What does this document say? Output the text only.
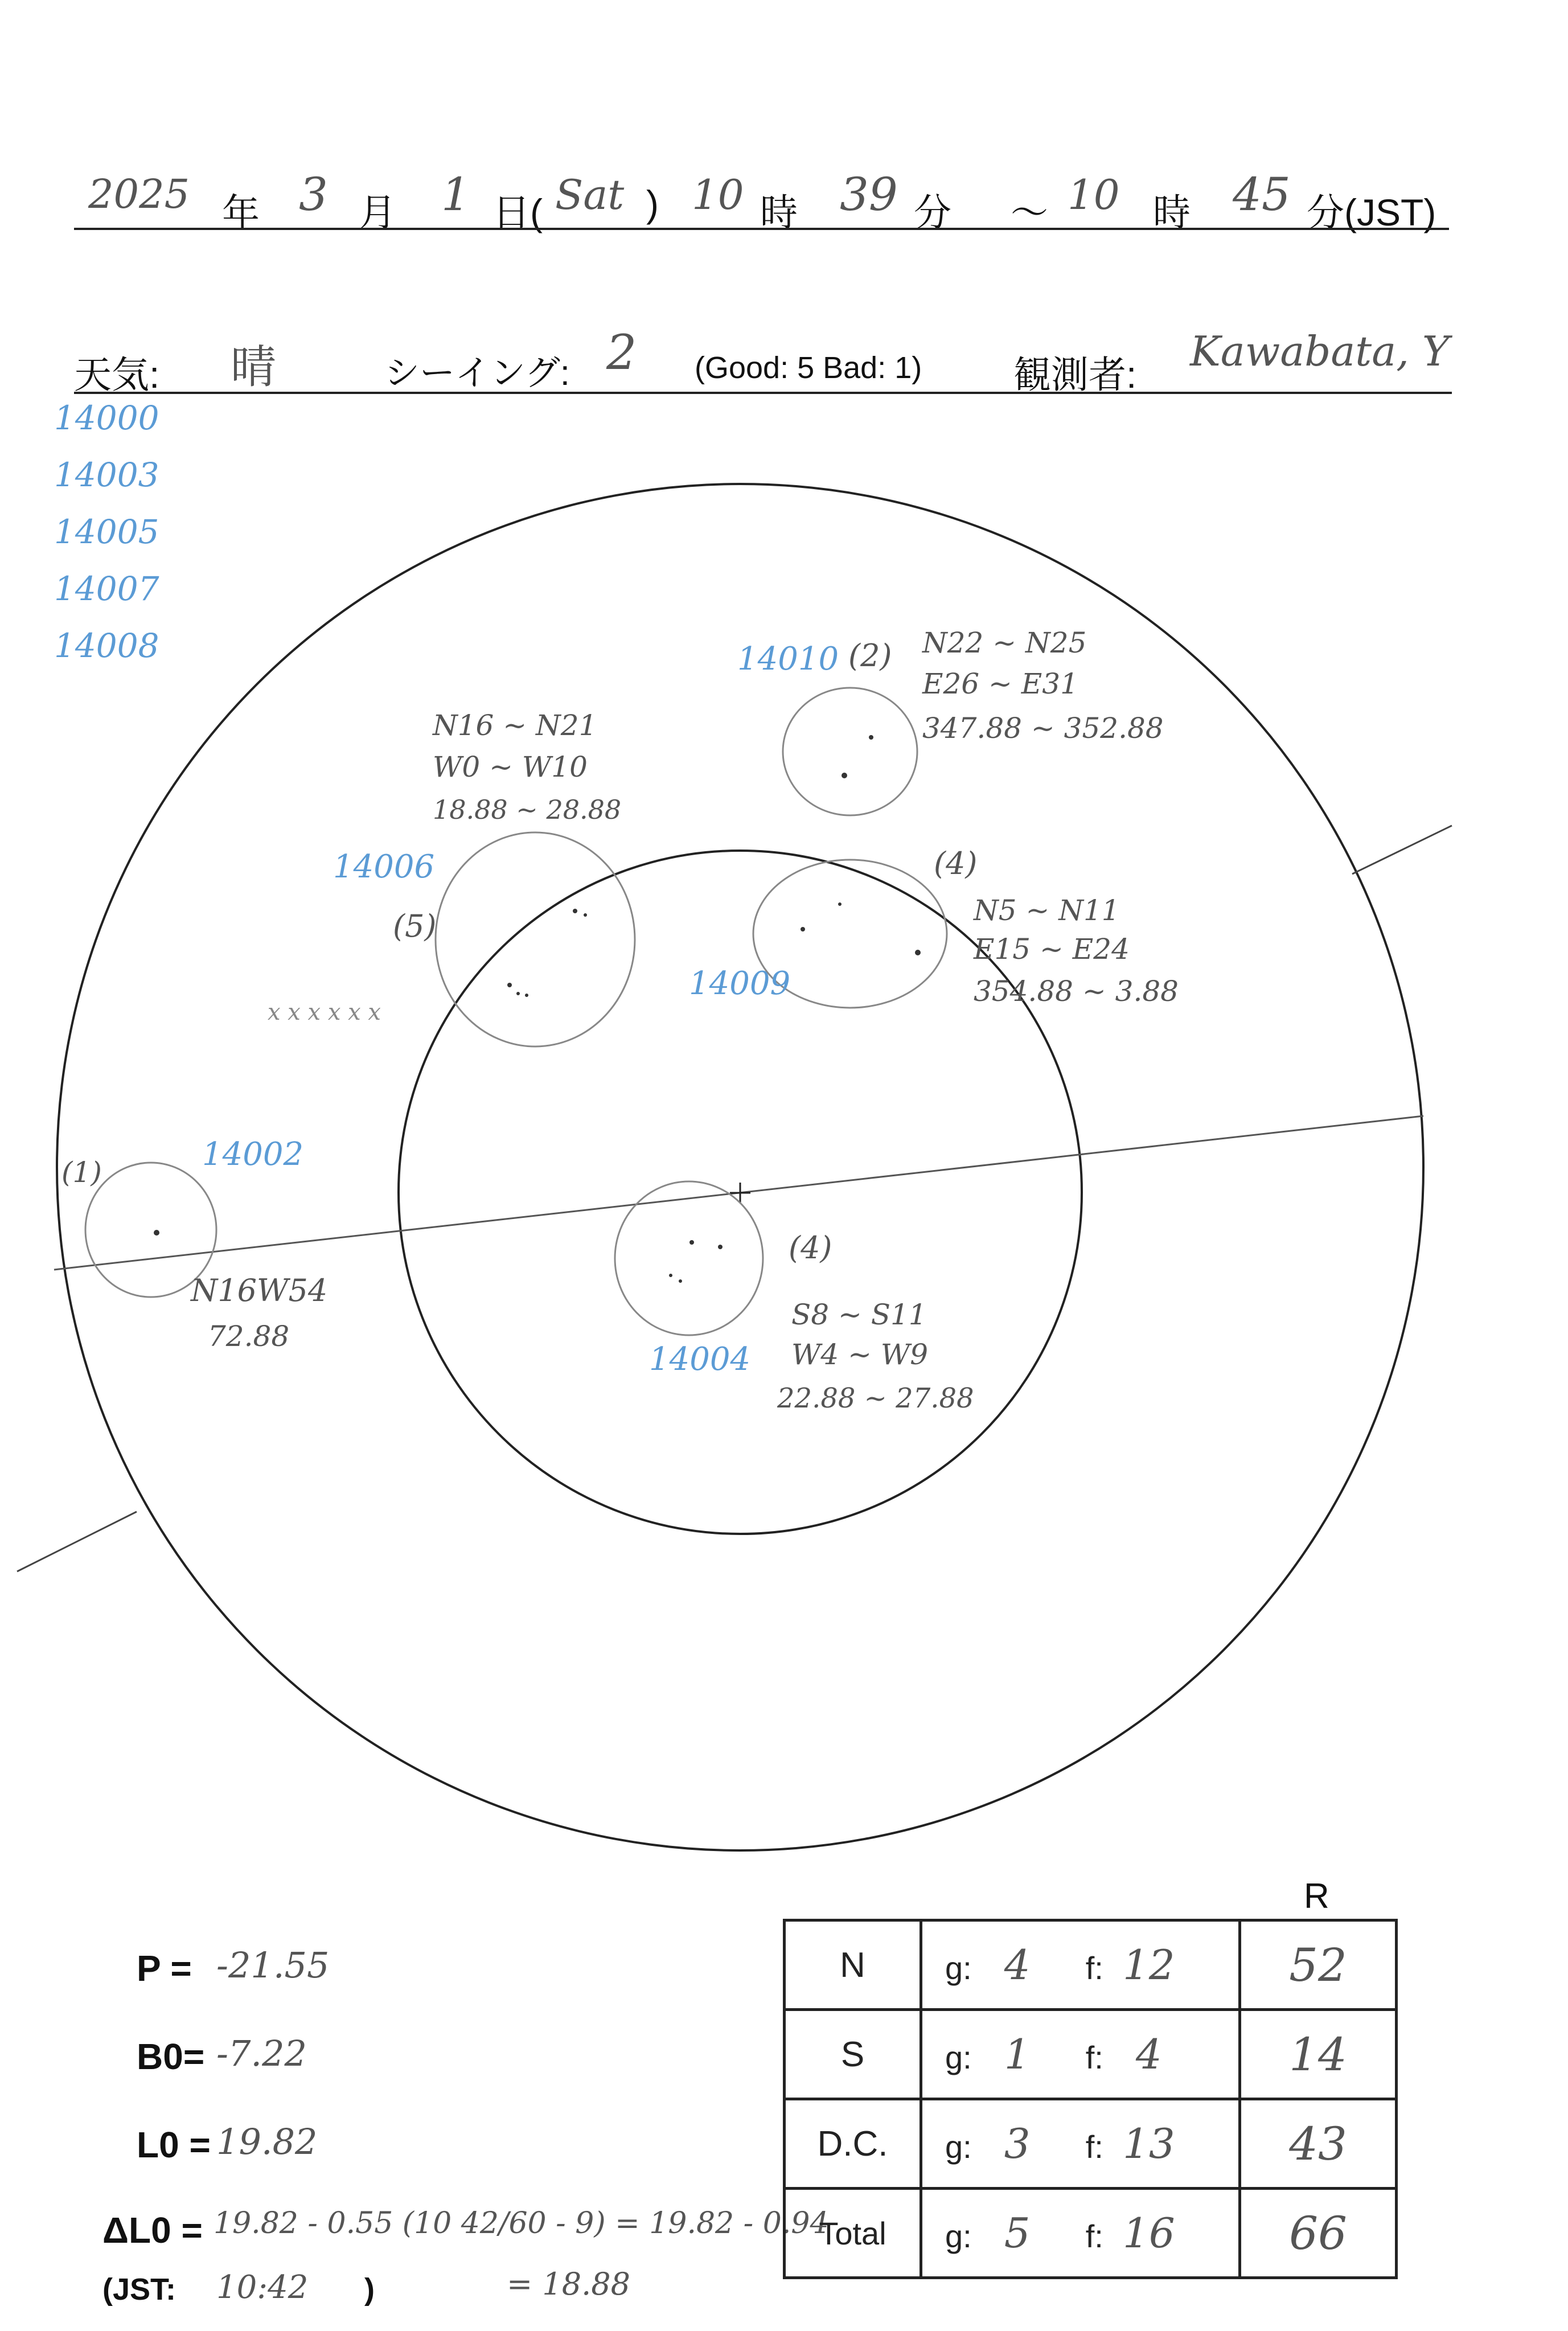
2025 年 3 月 1 日( Sat ) 10 時 39 分 〜 10 時 45 分(JST)
天気: 晴	シーイング: 2 (Good: 5 Bad: 1) 観測者: Kawabata, Y
14000
14003
14005
14007
14008	14010 (2) N22 ~ N25
E26 ~ E31
347.88 ~ 352.88
N16 ~ N21
W0 ~ W10
18.88 ~ 28.88
14006
(5)
x x x x x x
(4)
N5 ~ N11
E15 ~ E24
354.88 ~ 3.88
14009
(1)	14002
N16W54
72.88
(4)
S8 ~ S11
W4 ~ W9
22.88 ~ 27.88
14004
P = -21.55
B0= -7.22
L0 = 19.82
ΔL0 = 19.82 - 0.55 (10 42/60 - 9) = 19.82 - 0.94
(JST: 10:42 )	= 18.88
R
N	g: 4 f: 12	52
S	g: 1 f: 4	14
D.C.	g: 3 f: 13	43
Total	g: 5 f: 16	66
